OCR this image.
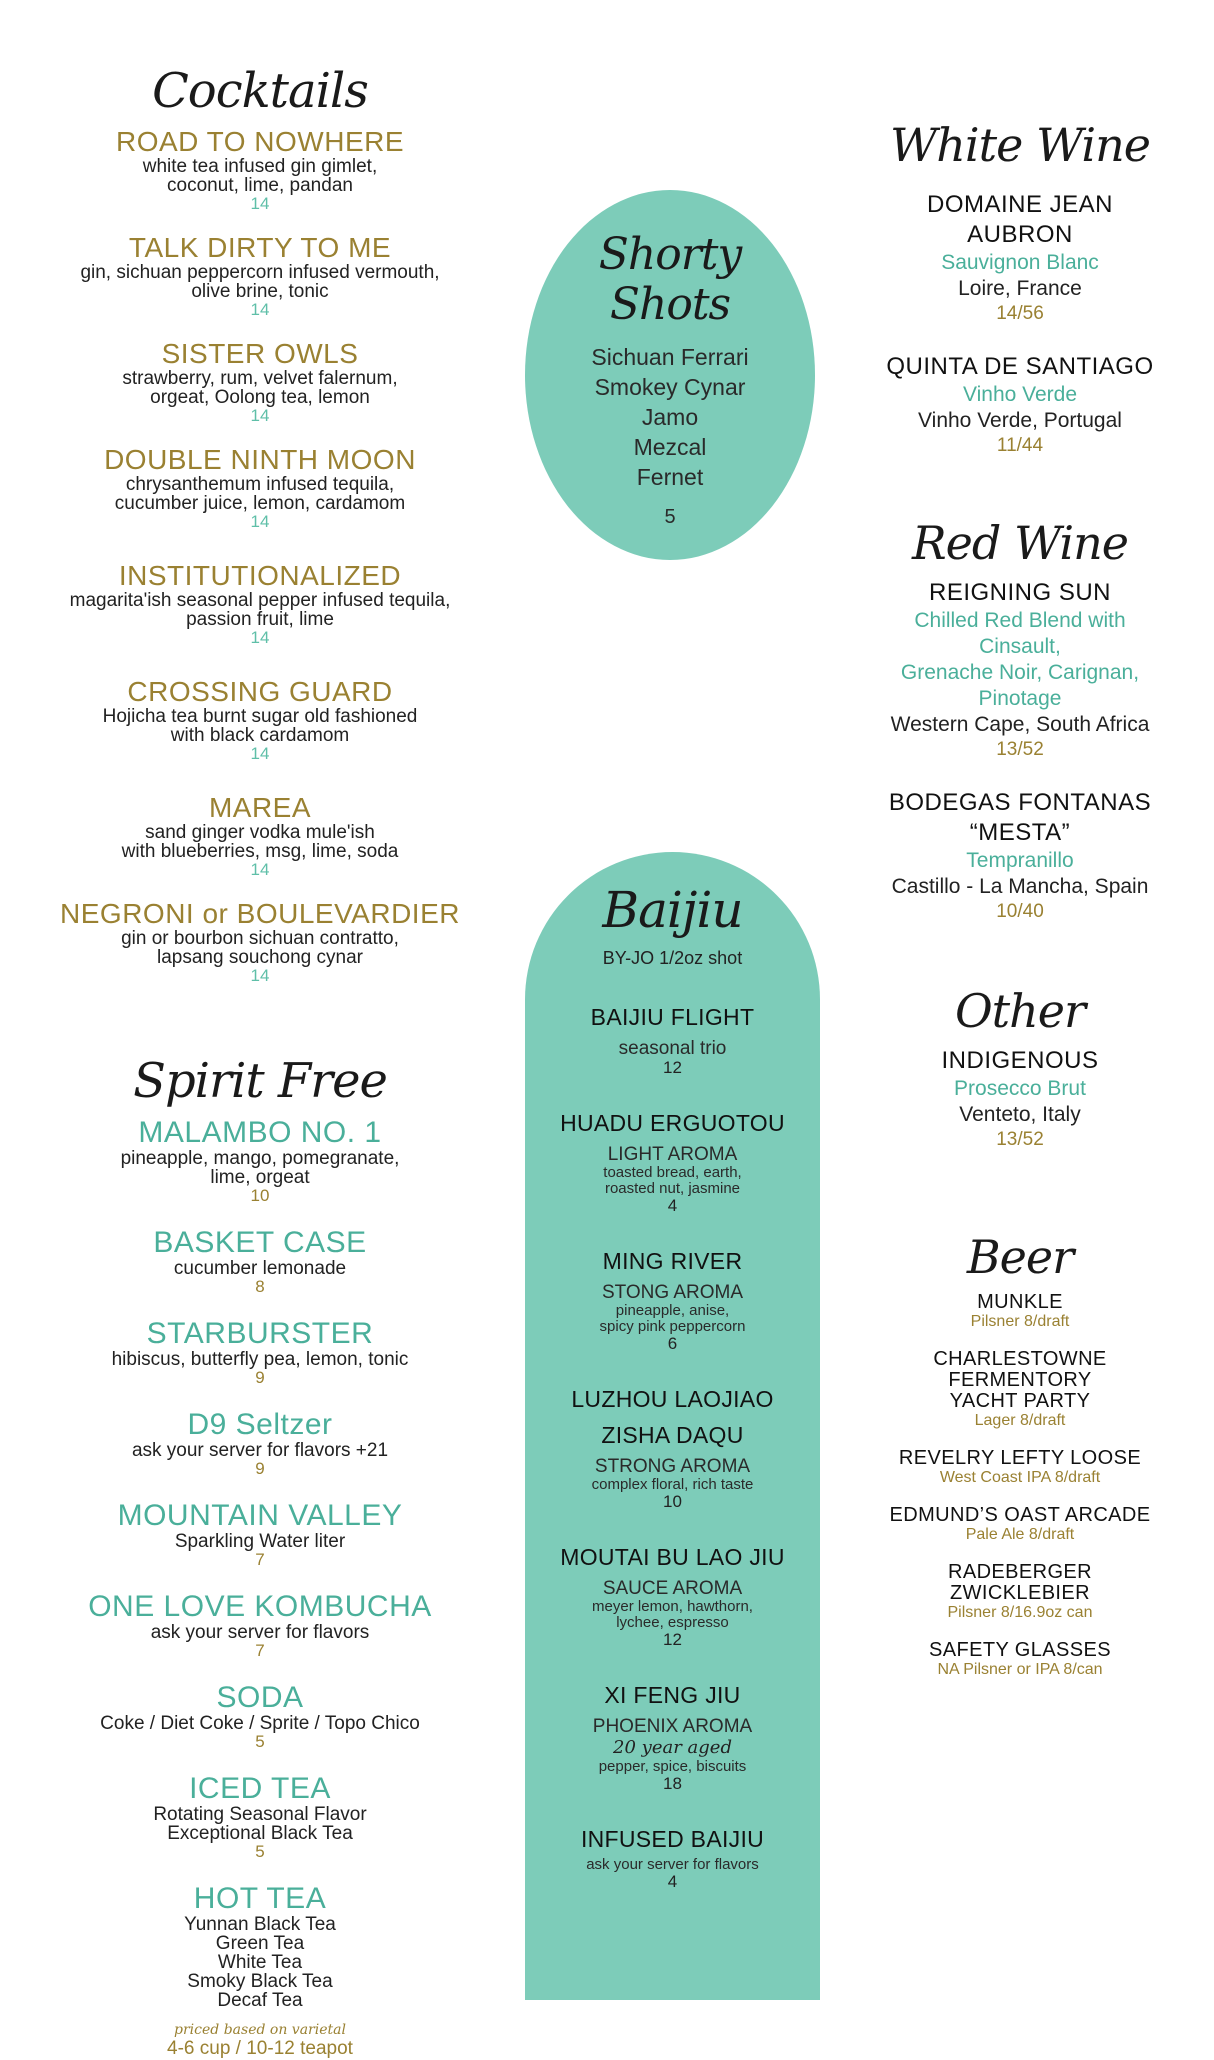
Cocktails
ROAD TO NOWHERE
white tea infused gin gimlet,
coconut, lime, pandan
14
TALK DIRTY TO ME
gin, sichuan peppercorn infused vermouth,
olive brine, tonic
14
SISTER OWLS
strawberry, rum, velvet falernum,
orgeat, Oolong tea, lemon
14
DOUBLE NINTH MOON
chrysanthemum infused tequila,
cucumber juice, lemon, cardamom
14
INSTITUTIONALIZED
magarita'ish seasonal pepper infused tequila,
passion fruit, lime
14
CROSSING GUARD
Hojicha tea burnt sugar old fashioned
with black cardamom
14
MAREA
sand ginger vodka mule'ish
with blueberries, msg, lime, soda
14
NEGRONI or BOULEVARDIER
gin or bourbon sichuan contratto,
lapsang souchong cynar
14
Spirit Free
MALAMBO NO. 1
pineapple, mango, pomegranate,
lime, orgeat
10
BASKET CASE
cucumber lemonade
8
STARBURSTER
hibiscus, butterfly pea, lemon, tonic
9
D9 Seltzer
ask your server for flavors +21
9
MOUNTAIN VALLEY
Sparkling Water liter
7
ONE LOVE KOMBUCHA
ask your server for flavors
7
SODA
Coke / Diet Coke / Sprite / Topo Chico
5
ICED TEA
Rotating Seasonal Flavor
Exceptional Black Tea
5
HOT TEA
Yunnan Black Tea
Green Tea
White Tea
Smoky Black Tea
Decaf Tea
priced based on varietal
4-6 cup / 10-12 teapot
Shorty
Shots
Sichuan Ferrari
Smokey Cynar
Jamo
Mezcal
Fernet
5
Baijiu
BY-JO 1/2oz shot
BAIJIU FLIGHT
seasonal trio
12
HUADU ERGUOTOU
LIGHT AROMA
toasted bread, earth,
roasted nut, jasmine
4
MING RIVER
STONG AROMA
pineapple, anise,
spicy pink peppercorn
6
LUZHOU LAOJIAO
ZISHA DAQU
STRONG AROMA
complex floral, rich taste
10
MOUTAI BU LAO JIU
SAUCE AROMA
meyer lemon, hawthorn,
lychee, espresso
12
XI FENG JIU
PHOENIX AROMA
20 year aged
pepper, spice, biscuits
18
INFUSED BAIJIU
ask your server for flavors
4
White Wine
DOMAINE JEAN
AUBRON
Sauvignon Blanc
Loire, France
14/56
QUINTA DE SANTIAGO
Vinho Verde
Vinho Verde, Portugal
11/44
Red Wine
REIGNING SUN
Chilled Red Blend with
Cinsault,
Grenache Noir, Carignan,
Pinotage
Western Cape, South Africa
13/52
BODEGAS FONTANAS
“MESTA”
Tempranillo
Castillo - La Mancha, Spain
10/40
Other
INDIGENOUS
Prosecco Brut
Venteto, Italy
13/52
Beer
MUNKLE
Pilsner 8/draft
CHARLESTOWNE
FERMENTORY
YACHT PARTY
Lager 8/draft
REVELRY LEFTY LOOSE
West Coast IPA 8/draft
EDMUND’S OAST ARCADE
Pale Ale 8/draft
RADEBERGER
ZWICKLEBIER
Pilsner 8/16.9oz can
SAFETY GLASSES
NA Pilsner or IPA 8/can
